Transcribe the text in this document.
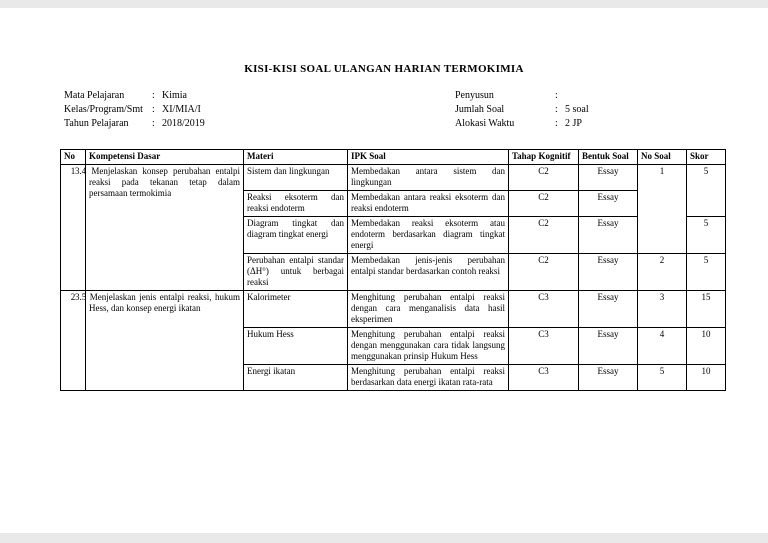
KISI-KISI SOAL ULANGAN HARIAN TERMOKIMIA
Mata Pelajaran	: Kimia
Kelas/Program/Smt : XI/MIA/I
Tahun Pelajaran	: 2018/2019
Penyusun	:
Jumlah Soal	: 5 soal
Alokasi Waktu	: 2 JP
No	Kompetensi Dasar	Materi	IPK Soal	Tahap Kognitif	Bentuk Soal	No Soal	Skor
1	3.4 Menjelaskan konsep perubahan entalpi reaksi pada tekanan tetap dalam persamaan termokimia	Sistem dan lingkungan	Membedakan antara sistem dan lingkungan	C2	Essay	1	5
		Reaksi eksoterm dan reaksi endoterm	Membedakan antara reaksi eksoterm dan reaksi endoterm	C2	Essay		
		Diagram tingkat dan diagram tingkat energi	Membedakan reaksi eksoterm atau endoterm berdasarkan diagram tingkat energi	C2	Essay		5
		Perubahan entalpi standar (ΔH°) untuk berbagai reaksi	Membedakan jenis-jenis perubahan entalpi standar berdasarkan contoh reaksi	C2	Essay	2	5
2	3.5 Menjelaskan jenis entalpi reaksi, hukum Hess, dan konsep energi ikatan	Kalorimeter	Menghitung perubahan entalpi reaksi dengan cara menganalisis data hasil eksperimen	C3	Essay	3	15
		Hukum Hess	Menghitung perubahan entalpi reaksi dengan menggunakan cara tidak langsung menggunakan prinsip Hukum Hess	C3	Essay	4	10
		Energi ikatan	Menghitung perubahan entalpi reaksi berdasarkan data energi ikatan rata-rata	C3	Essay	5	10
